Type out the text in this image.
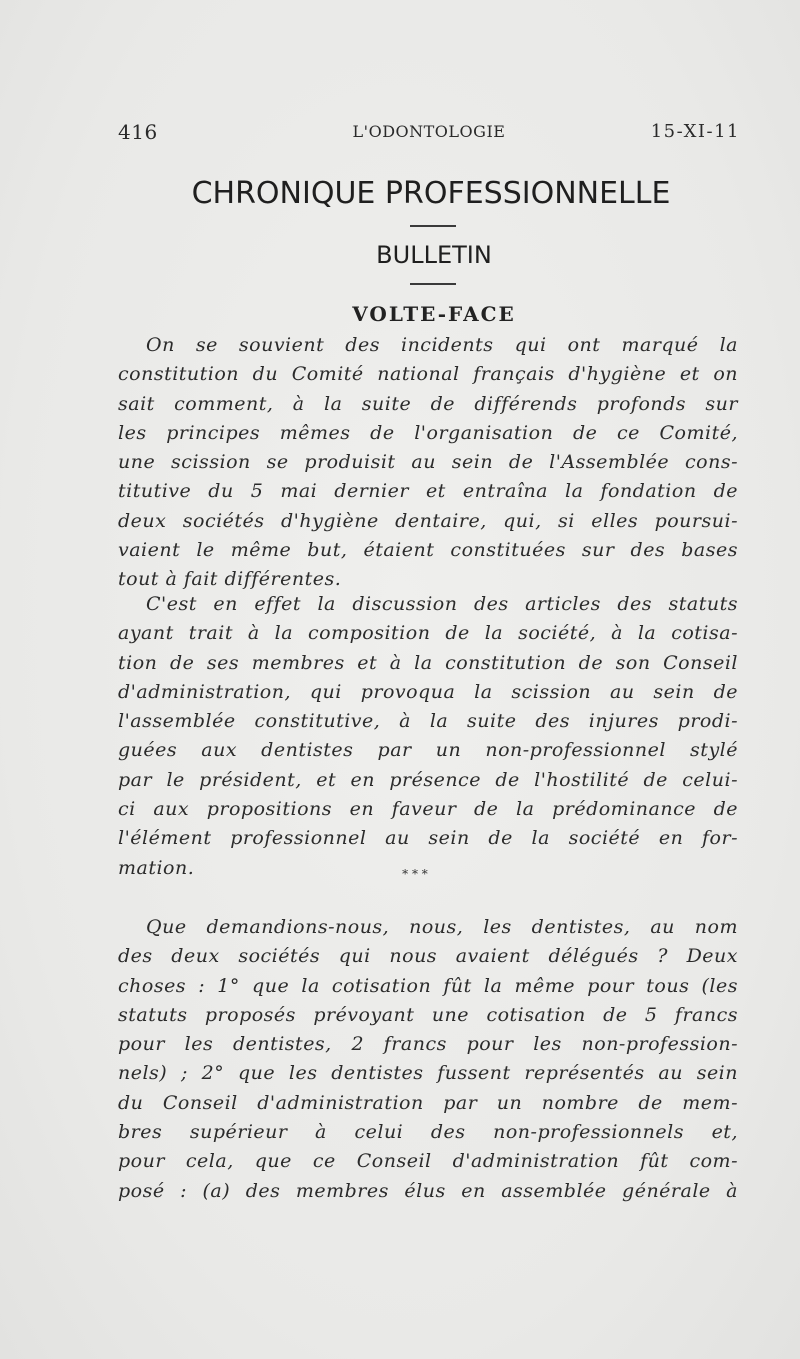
416	L'ODONTOLOGIE	15-XI-11
CHRONIQUE PROFESSIONNELLE
BULLETIN
VOLTE-FACE
On se souvient des incidents qui ont marqué la
constitution du Comité national français d'hygiène et on
sait comment, à la suite de différends profonds sur
les principes mêmes de l'organisation de ce Comité,
une scission se produisit au sein de l'Assemblée cons-
titutive du 5 mai dernier et entraîna la fondation de
deux sociétés d'hygiène dentaire, qui, si elles poursui-
vaient le même but, étaient constituées sur des bases
tout à fait différentes.
C'est en effet la discussion des articles des statuts
ayant trait à la composition de la société, à la cotisa-
tion de ses membres et à la constitution de son Conseil
d'administration, qui provoqua la scission au sein de
l'assemblée constitutive, à la suite des injures prodi-
guées aux dentistes par un non-professionnel stylé
par le président, et en présence de l'hostilité de celui-
ci aux propositions en faveur de la prédominance de
l'élément professionnel au sein de la société en for-
mation.	* * *
Que demandions-nous, nous, les dentistes, au nom
des deux sociétés qui nous avaient délégués ? Deux
choses : 1° que la cotisation fût la même pour tous (les
statuts proposés prévoyant une cotisation de 5 francs
pour les dentistes, 2 francs pour les non-profession-
nels) ; 2° que les dentistes fussent représentés au sein
du Conseil d'administration par un nombre de mem-
bres supérieur à celui des non-professionnels et,
pour cela, que ce Conseil d'administration fût com-
posé : (a) des membres élus en assemblée générale à
